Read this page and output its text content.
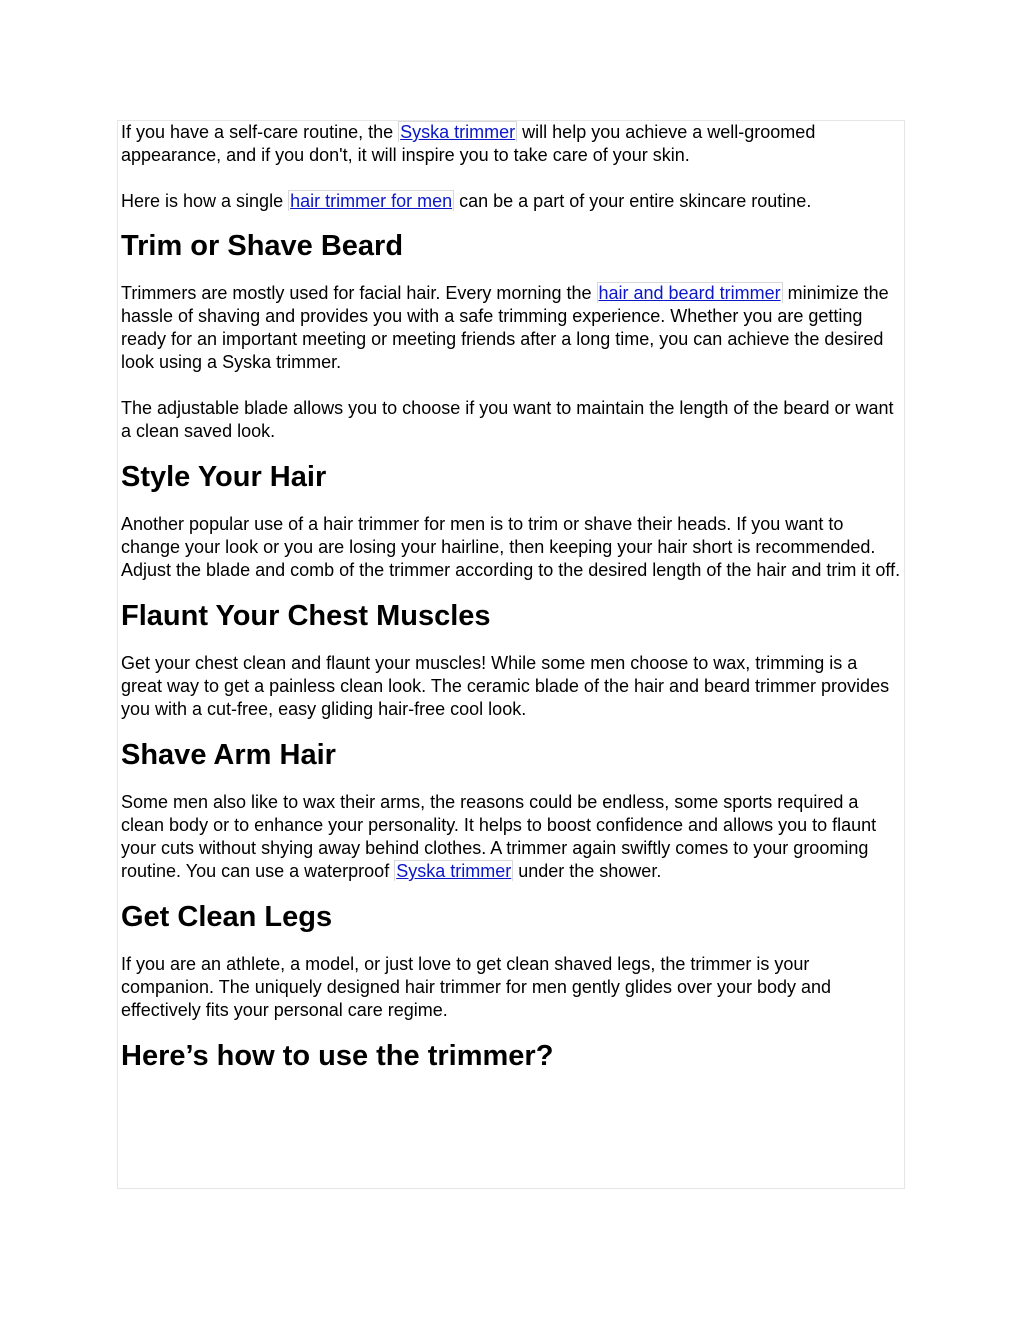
If you have a self-care routine, the Syska trimmer will help you achieve a well-groomed appearance, and if you don't, it will inspire you to take care of your skin.

Here is how a single hair trimmer for men can be a part of your entire skincare routine.

Trim or Shave Beard

Trimmers are mostly used for facial hair. Every morning the hair and beard trimmer minimize the hassle of shaving and provides you with a safe trimming experience. Whether you are getting ready for an important meeting or meeting friends after a long time, you can achieve the desired look using a Syska trimmer.

The adjustable blade allows you to choose if you want to maintain the length of the beard or want a clean saved look.

Style Your Hair

Another popular use of a hair trimmer for men is to trim or shave their heads. If you want to change your look or you are losing your hairline, then keeping your hair short is recommended. Adjust the blade and comb of the trimmer according to the desired length of the hair and trim it off.

Flaunt Your Chest Muscles

Get your chest clean and flaunt your muscles! While some men choose to wax, trimming is a great way to get a painless clean look. The ceramic blade of the hair and beard trimmer provides you with a cut-free, easy gliding hair-free cool look.

Shave Arm Hair

Some men also like to wax their arms, the reasons could be endless, some sports required a clean body or to enhance your personality. It helps to boost confidence and allows you to flaunt your cuts without shying away behind clothes. A trimmer again swiftly comes to your grooming routine. You can use a waterproof Syska trimmer under the shower.

Get Clean Legs

If you are an athlete, a model, or just love to get clean shaved legs, the trimmer is your companion. The uniquely designed hair trimmer for men gently glides over your body and effectively fits your personal care regime.

Here’s how to use the trimmer?
